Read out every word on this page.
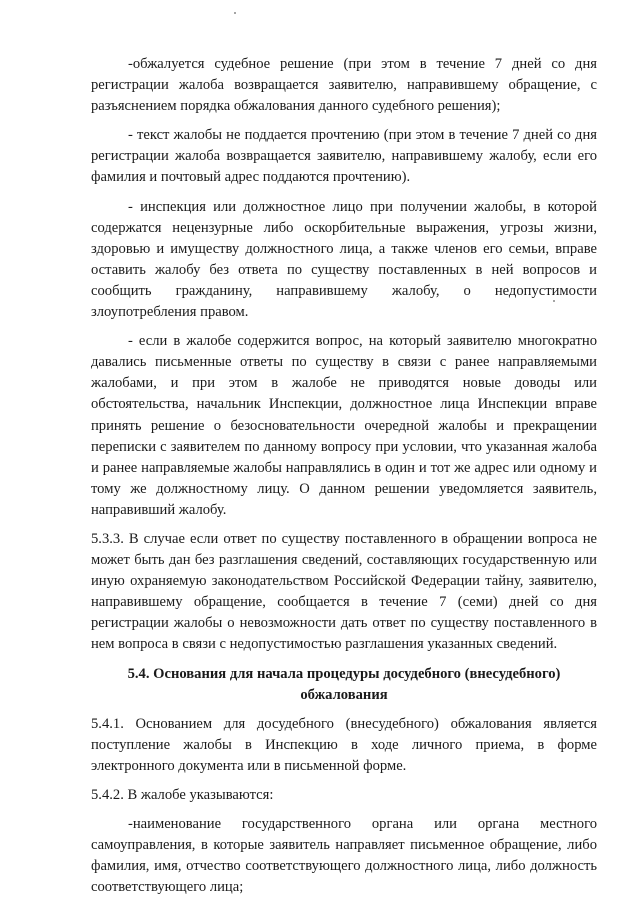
-обжалуется судебное решение (при этом в течение 7 дней со дня регистрации жалоба возвращается заявителю, направившему обращение, с разъяснением порядка обжалования данного судебного решения);

- текст жалобы не поддается прочтению (при этом в течение 7 дней со дня регистрации жалоба возвращается заявителю, направившему жалобу, если его фамилия и почтовый адрес поддаются прочтению).

- инспекция или должностное лицо при получении жалобы, в которой содержатся нецензурные либо оскорбительные выражения, угрозы жизни, здоровью и имуществу должностного лица, а также членов его семьи, вправе оставить жалобу без ответа по существу поставленных в ней вопросов и сообщить гражданину, направившему жалобу, о недопустимости злоупотребления правом.

- если в жалобе содержится вопрос, на который заявителю многократно давались письменные ответы по существу в связи с ранее направляемыми жалобами, и при этом в жалобе не приводятся новые доводы или обстоятельства, начальник Инспекции, должностное лица Инспекции вправе принять решение о безосновательности очередной жалобы и прекращении переписки с заявителем по данному вопросу при условии, что указанная жалоба и ранее направляемые жалобы направлялись в один и тот же адрес или одному и тому же должностному лицу. О данном решении уведомляется заявитель, направивший жалобу.

5.3.3. В случае если ответ по существу поставленного в обращении вопроса не может быть дан без разглашения сведений, составляющих государственную или иную охраняемую законодательством Российской Федерации тайну, заявителю, направившему обращение, сообщается в течение 7 (семи) дней со дня регистрации жалобы о невозможности дать ответ по существу поставленного в нем вопроса в связи с недопустимостью разглашения указанных сведений.

5.4. Основания для начала процедуры досудебного (внесудебного)
обжалования

5.4.1. Основанием для досудебного (внесудебного) обжалования является поступление жалобы в Инспекцию в ходе личного приема, в форме электронного документа или в письменной форме.

5.4.2. В жалобе указываются:

-наименование государственного органа или органа местного самоуправления, в которые заявитель направляет письменное обращение, либо фамилия, имя, отчество соответствующего должностного лица, либо должность соответствующего лица;
